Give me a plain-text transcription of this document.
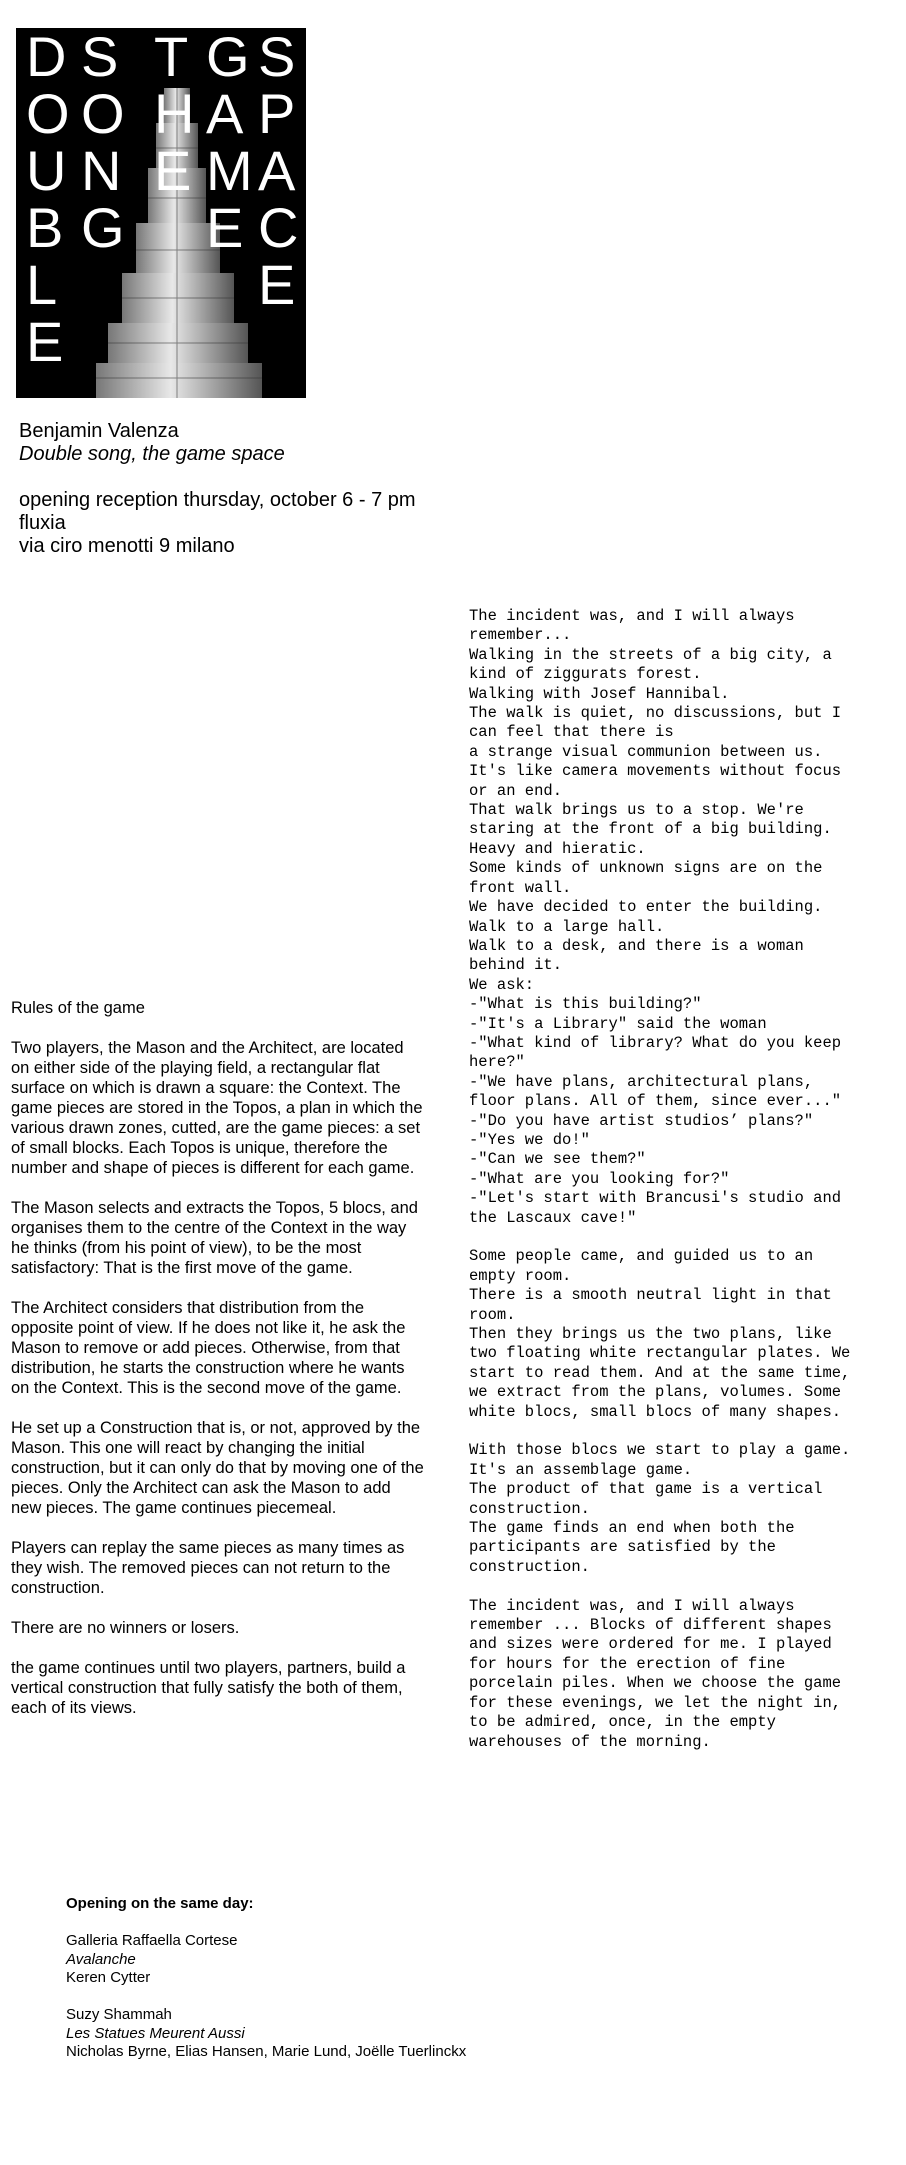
D
O
U
B
L
E
S
O
N
G
T
H
E
G
A
M
E
S
P
A
C
E
Benjamin Valenza
Double song, the game space
opening reception thursday, october 6 - 7 pm
fluxia
via ciro menotti 9 milano

Rules of the game

Two players, the Mason and the Architect, are located on either side of the playing field, a rectangular flat surface on which is drawn a square: the Context. The game pieces are stored in the Topos, a plan in which the various drawn zones, cutted, are the game pieces: a set of small blocks. Each Topos is unique, therefore the number and shape of pieces is different for each game.

The Mason selects and extracts the Topos, 5 blocs, and organises them to the centre of the Context in the way he thinks (from his point of view), to be the most satisfactory: That is the first move of the game.

The Architect considers that distribution from the opposite point of view. If he does not like it, he ask the Mason to remove or add pieces. Otherwise, from that distribution, he starts the construction where he wants on the Context. This is the second move of the game.

He set up a Construction that is, or not, approved by the Mason. This one will react by changing the initial construction, but it can only do that by moving one of the pieces. Only the Architect can ask the Mason to add new pieces. The game continues piecemeal.

Players can replay the same pieces as many times as they wish. The removed pieces can not return to the construction.

There are no winners or losers.

the game continues until two players, partners, build a vertical construction that fully satisfy the both of them, each of its views.

The incident was, and I will always
remember...
Walking in the streets of a big city, a
kind of ziggurats forest.
Walking with Josef Hannibal.
The walk is quiet, no discussions, but I
can feel that there is
a strange visual communion between us.
It's like camera movements without focus
or an end.
That walk brings us to a stop. We're
staring at the front of a big building.
Heavy and hieratic.
Some kinds of unknown signs are on the
front wall.
We have decided to enter the building.
Walk to a large hall.
Walk to a desk, and there is a woman
behind it.
We ask:
-"What is this building?"
-"It's a Library" said the woman
-"What kind of library? What do you keep
here?"
-"We have plans, architectural plans,
floor plans. All of them, since ever..."
-"Do you have artist studios’ plans?"
-"Yes we do!"
-"Can we see them?"
-"What are you looking for?"
-"Let's start with Brancusi's studio and
the Lascaux cave!"

Some people came, and guided us to an
empty room.
There is a smooth neutral light in that
room.
Then they brings us the two plans, like
two floating white rectangular plates. We
start to read them. And at the same time,
we extract from the plans, volumes. Some
white blocs, small blocs of many shapes.

With those blocs we start to play a game.
It's an assemblage game.
The product of that game is a vertical
construction.
The game finds an end when both the
participants are satisfied by the
construction.

The incident was, and I will always
remember ... Blocks of different shapes
and sizes were ordered for me. I played
for hours for the erection of fine
porcelain piles. When we choose the game
for these evenings, we let the night in,
to be admired, once, in the empty
warehouses of the morning.

Opening on the same day:
Galleria Raffaella Cortese
Avalanche
Keren Cytter
Suzy Shammah
Les Statues Meurent Aussi
Nicholas Byrne, Elias Hansen, Marie Lund, Joëlle Tuerlinckx
